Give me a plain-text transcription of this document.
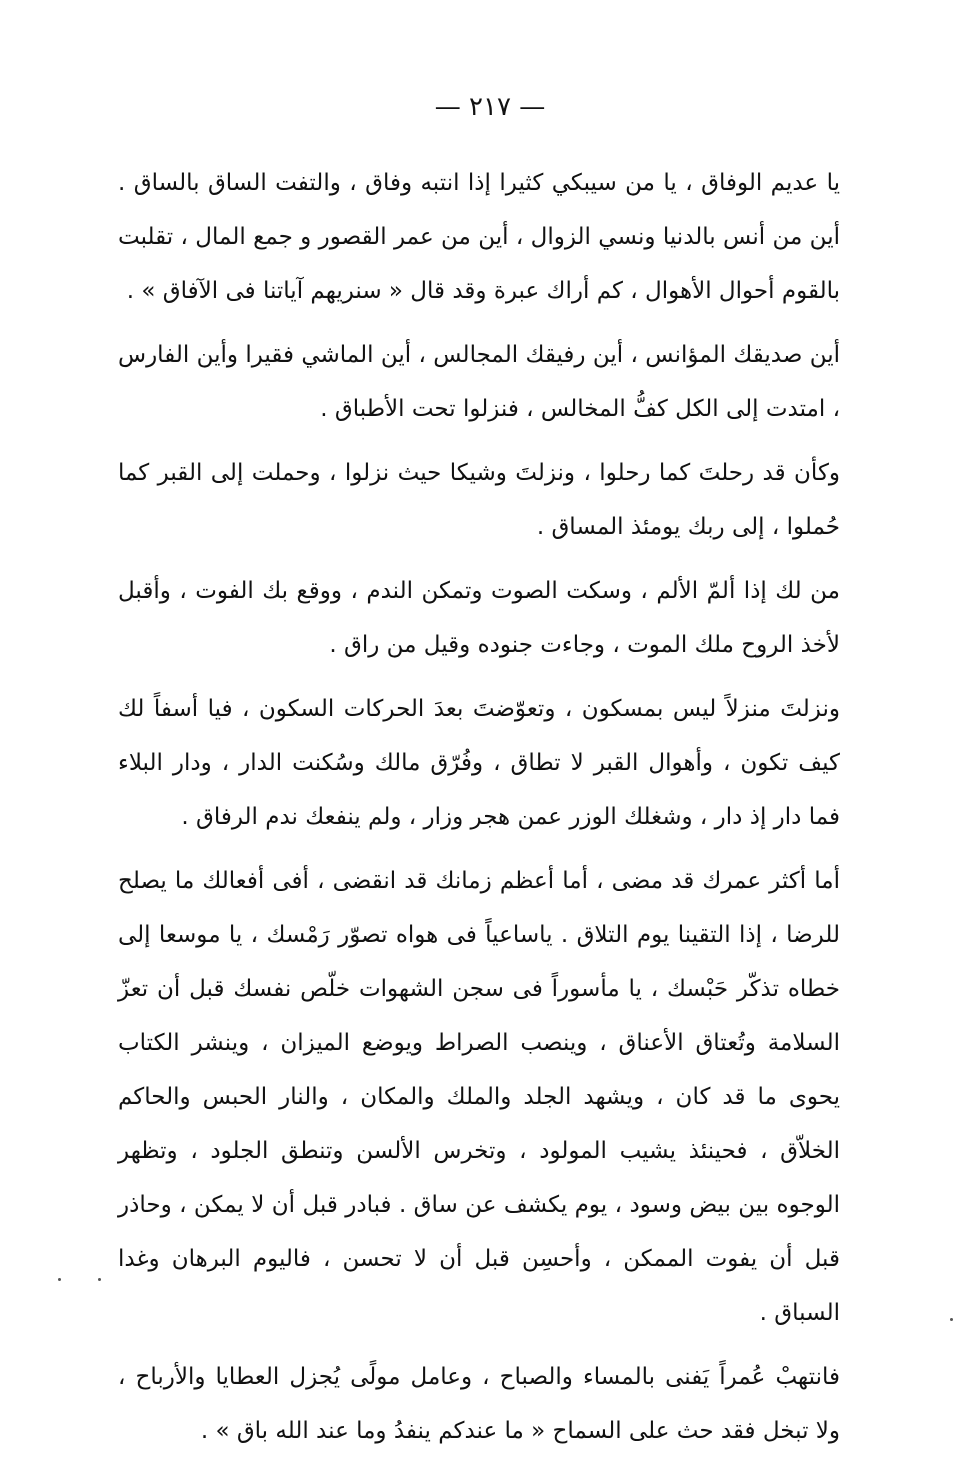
— ٢١٧ —

يا عديم الوفاق ، يا من سيبكي كثيرا إذا انتبه وفاق ، والتفت الساق بالساق . أين من أنس بالدنيا ونسي الزوال ، أين من عمر القصور و جمع المال ، تقلبت بالقوم أحوال الأهوال ، كم أراك عبرة وقد قال « سنريهم آياتنا فى الآفاق » .

أين صديقك المؤانس ، أين رفيقك المجالس ، أين الماشي فقيرا وأين الفارس ، امتدت إلى الكل كفُّ المخالس ، فنزلوا تحت الأطباق .

وكأن قد رحلتَ كما رحلوا ، ونزلتَ وشيكا حيث نزلوا ، وحملت إلى القبر كما حُملوا ، إلى ربك يومئذ المساق .

من لك إذا ألمّ الألم ، وسكت الصوت وتمكن الندم ، ووقع بك الفوت ، وأقبل لأخذ الروح ملك الموت ، وجاءت جنوده وقيل من راق .

ونزلتَ منزلاً ليس بمسكون ، وتعوّضتَ بعدَ الحركات السكون ، فيا أسفاً لك كيف تكون ، وأهوال القبر لا تطاق ، وفُرّق مالك وسُكنت الدار ، ودار البلاء فما دار إذ دار ، وشغلك الوزر عمن هجر وزار ، ولم ينفعك ندم الرفاق .

أما أكثر عمرك قد مضى ، أما أعظم زمانك قد انقضى ، أفى أفعالك ما يصلح للرضا ، إذا التقينا يوم التلاق . ياساعياً فى هواه تصوّر رَمْسك ، يا موسعا إلى خطاه تذكّر حَبْسك ، يا مأسوراً فى سجن الشهوات خلّص نفسك قبل أن تعزّ السلامة وتُعتاق الأعناق ، وينصب الصراط ويوضع الميزان ، وينشر الكتاب يحوى ما قد كان ، ويشهد الجلد والملك والمكان ، والنار الحبس والحاكم الخلاّق ، فحينئذ يشيب المولود ، وتخرس الألسن وتنطق الجلود ، وتظهر الوجوه بين بيض وسود ، يوم يكشف عن ساق . فبادر قبل أن لا يمكن ، وحاذر قبل أن يفوت الممكن ، وأحسِن قبل أن لا تحسن ، فاليوم البرهان وغدا السباق .

فانتهبْ عُمراً يَفنى بالمساء والصباح ، وعامل مولًى يُجزل العطايا والأرباح ، ولا تبخل فقد حث على السماح « ما عندكم ينفدُ وما عند الله باق » .
